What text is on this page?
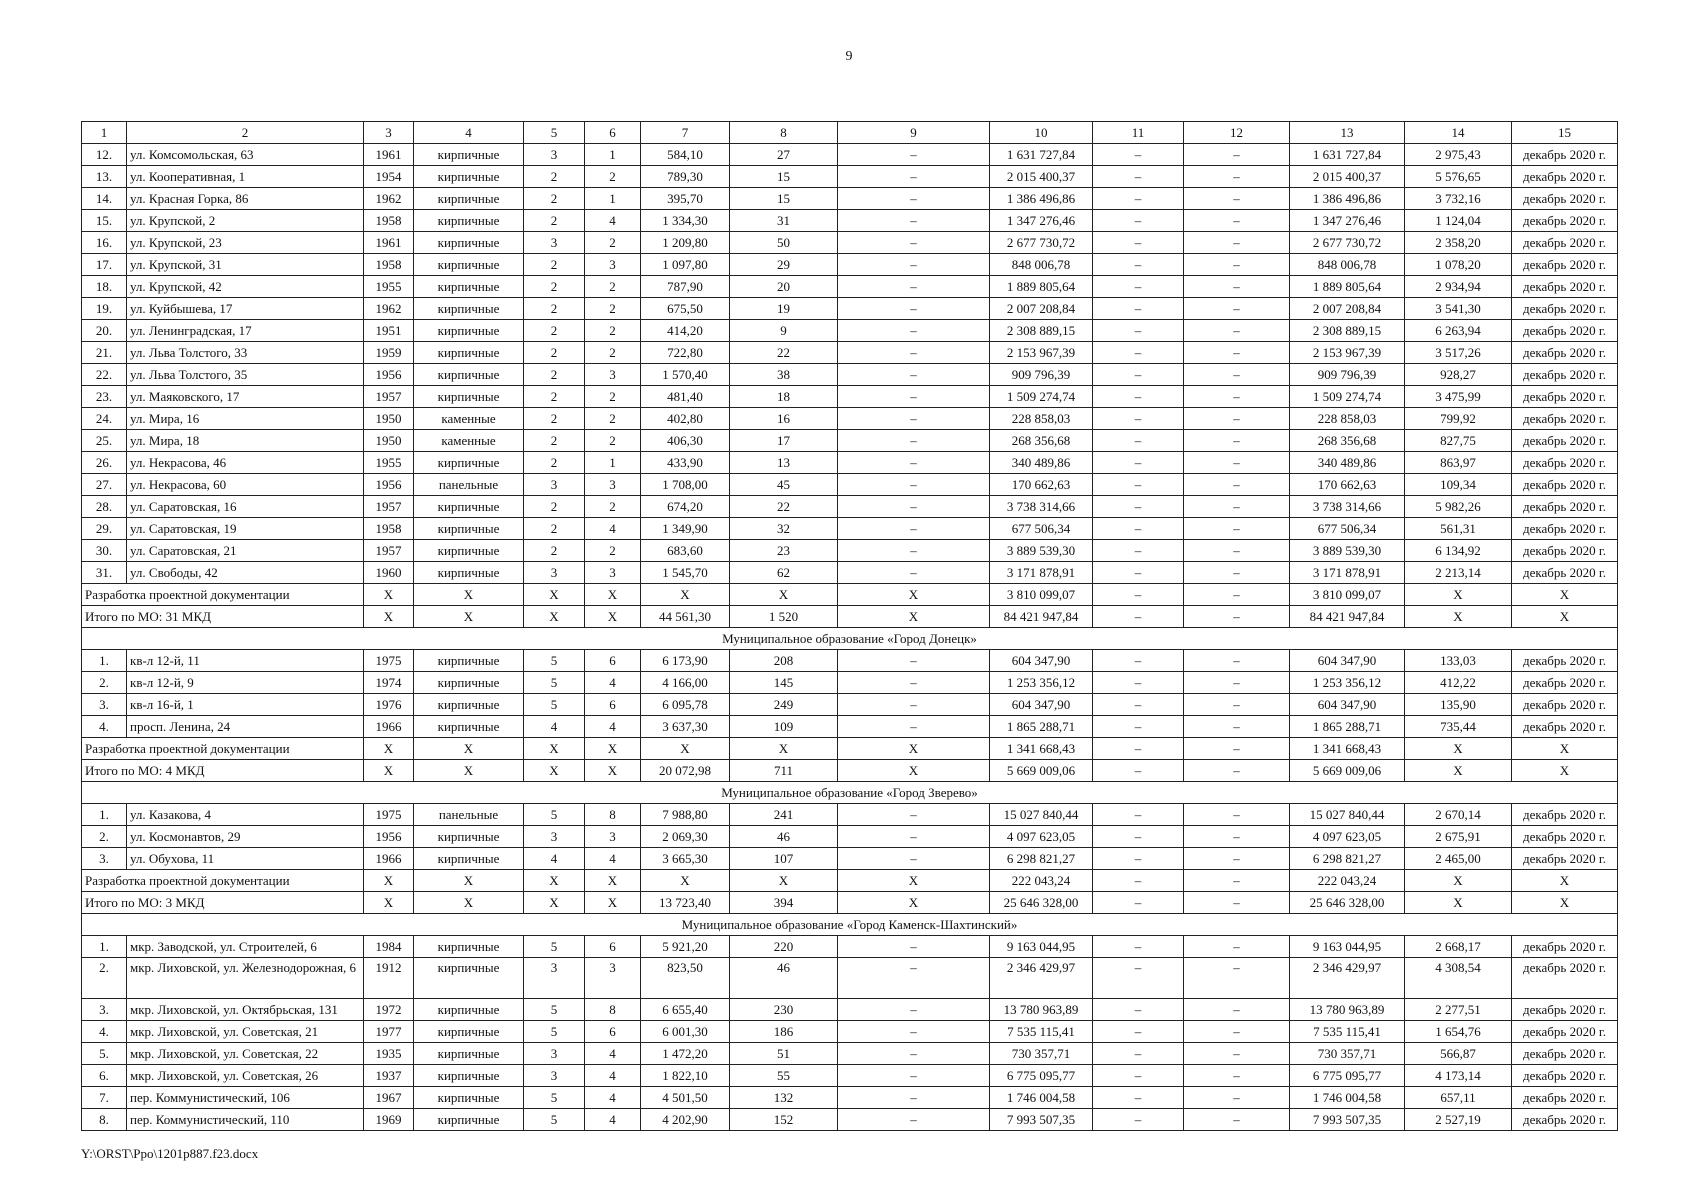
9
1	2	3	4	5	6	7	8	9	10	11	12	13	14	15
12.	ул. Комсомольская, 63	1961	кирпичные	3	1	584,10	27	–	1 631 727,84	–	–	1 631 727,84	2 975,43	декабрь 2020 г.
13.	ул. Кооперативная, 1	1954	кирпичные	2	2	789,30	15	–	2 015 400,37	–	–	2 015 400,37	5 576,65	декабрь 2020 г.
14.	ул. Красная Горка, 86	1962	кирпичные	2	1	395,70	15	–	1 386 496,86	–	–	1 386 496,86	3 732,16	декабрь 2020 г.
15.	ул. Крупской, 2	1958	кирпичные	2	4	1 334,30	31	–	1 347 276,46	–	–	1 347 276,46	1 124,04	декабрь 2020 г.
16.	ул. Крупской, 23	1961	кирпичные	3	2	1 209,80	50	–	2 677 730,72	–	–	2 677 730,72	2 358,20	декабрь 2020 г.
17.	ул. Крупской, 31	1958	кирпичные	2	3	1 097,80	29	–	848 006,78	–	–	848 006,78	1 078,20	декабрь 2020 г.
18.	ул. Крупской, 42	1955	кирпичные	2	2	787,90	20	–	1 889 805,64	–	–	1 889 805,64	2 934,94	декабрь 2020 г.
19.	ул. Куйбышева, 17	1962	кирпичные	2	2	675,50	19	–	2 007 208,84	–	–	2 007 208,84	3 541,30	декабрь 2020 г.
20.	ул. Ленинградская, 17	1951	кирпичные	2	2	414,20	9	–	2 308 889,15	–	–	2 308 889,15	6 263,94	декабрь 2020 г.
21.	ул. Льва Толстого, 33	1959	кирпичные	2	2	722,80	22	–	2 153 967,39	–	–	2 153 967,39	3 517,26	декабрь 2020 г.
22.	ул. Льва Толстого, 35	1956	кирпичные	2	3	1 570,40	38	–	909 796,39	–	–	909 796,39	928,27	декабрь 2020 г.
23.	ул. Маяковского, 17	1957	кирпичные	2	2	481,40	18	–	1 509 274,74	–	–	1 509 274,74	3 475,99	декабрь 2020 г.
24.	ул. Мира, 16	1950	каменные	2	2	402,80	16	–	228 858,03	–	–	228 858,03	799,92	декабрь 2020 г.
25.	ул. Мира, 18	1950	каменные	2	2	406,30	17	–	268 356,68	–	–	268 356,68	827,75	декабрь 2020 г.
26.	ул. Некрасова, 46	1955	кирпичные	2	1	433,90	13	–	340 489,86	–	–	340 489,86	863,97	декабрь 2020 г.
27.	ул. Некрасова, 60	1956	панельные	3	3	1 708,00	45	–	170 662,63	–	–	170 662,63	109,34	декабрь 2020 г.
28.	ул. Саратовская, 16	1957	кирпичные	2	2	674,20	22	–	3 738 314,66	–	–	3 738 314,66	5 982,26	декабрь 2020 г.
29.	ул. Саратовская, 19	1958	кирпичные	2	4	1 349,90	32	–	677 506,34	–	–	677 506,34	561,31	декабрь 2020 г.
30.	ул. Саратовская, 21	1957	кирпичные	2	2	683,60	23	–	3 889 539,30	–	–	3 889 539,30	6 134,92	декабрь 2020 г.
31.	ул. Свободы, 42	1960	кирпичные	3	3	1 545,70	62	–	3 171 878,91	–	–	3 171 878,91	2 213,14	декабрь 2020 г.
Разработка проектной документации		Х	Х	Х	Х	Х	Х	Х	3 810 099,07	–	–	3 810 099,07	Х	Х
Итого по МО: 31 МКД		Х	Х	Х	Х	44 561,30	1 520	Х	84 421 947,84	–	–	84 421 947,84	Х	Х
Муниципальное образование «Город Донецк»														
1.	кв-л 12-й, 11	1975	кирпичные	5	6	6 173,90	208	–	604 347,90	–	–	604 347,90	133,03	декабрь 2020 г.
2.	кв-л 12-й, 9	1974	кирпичные	5	4	4 166,00	145	–	1 253 356,12	–	–	1 253 356,12	412,22	декабрь 2020 г.
3.	кв-л 16-й, 1	1976	кирпичные	5	6	6 095,78	249	–	604 347,90	–	–	604 347,90	135,90	декабрь 2020 г.
4.	просп. Ленина, 24	1966	кирпичные	4	4	3 637,30	109	–	1 865 288,71	–	–	1 865 288,71	735,44	декабрь 2020 г.
Разработка проектной документации		Х	Х	Х	Х	Х	Х	Х	1 341 668,43	–	–	1 341 668,43	Х	Х
Итого по МО: 4 МКД		Х	Х	Х	Х	20 072,98	711	Х	5 669 009,06	–	–	5 669 009,06	Х	Х
Муниципальное образование «Город Зверево»														
1.	ул. Казакова, 4	1975	панельные	5	8	7 988,80	241	–	15 027 840,44	–	–	15 027 840,44	2 670,14	декабрь 2020 г.
2.	ул. Космонавтов, 29	1956	кирпичные	3	3	2 069,30	46	–	4 097 623,05	–	–	4 097 623,05	2 675,91	декабрь 2020 г.
3.	ул. Обухова, 11	1966	кирпичные	4	4	3 665,30	107	–	6 298 821,27	–	–	6 298 821,27	2 465,00	декабрь 2020 г.
Разработка проектной документации		Х	Х	Х	Х	Х	Х	Х	222 043,24	–	–	222 043,24	Х	Х
Итого по МО: 3 МКД		Х	Х	Х	Х	13 723,40	394	Х	25 646 328,00	–	–	25 646 328,00	Х	Х
Муниципальное образование «Город Каменск-Шахтинский»														
1.	мкр. Заводской, ул. Строителей, 6	1984	кирпичные	5	6	5 921,20	220	–	9 163 044,95	–	–	9 163 044,95	2 668,17	декабрь 2020 г.
2.	мкр. Лиховской, ул. Железнодорожная, 6	1912	кирпичные	3	3	823,50	46	–	2 346 429,97	–	–	2 346 429,97	4 308,54	декабрь 2020 г.
3.	мкр. Лиховской, ул. Октябрьская, 131	1972	кирпичные	5	8	6 655,40	230	–	13 780 963,89	–	–	13 780 963,89	2 277,51	декабрь 2020 г.
4.	мкр. Лиховской, ул. Советская, 21	1977	кирпичные	5	6	6 001,30	186	–	7 535 115,41	–	–	7 535 115,41	1 654,76	декабрь 2020 г.
5.	мкр. Лиховской, ул. Советская, 22	1935	кирпичные	3	4	1 472,20	51	–	730 357,71	–	–	730 357,71	566,87	декабрь 2020 г.
6.	мкр. Лиховской, ул. Советская, 26	1937	кирпичные	3	4	1 822,10	55	–	6 775 095,77	–	–	6 775 095,77	4 173,14	декабрь 2020 г.
7.	пер. Коммунистический, 106	1967	кирпичные	5	4	4 501,50	132	–	1 746 004,58	–	–	1 746 004,58	657,11	декабрь 2020 г.
8.	пер. Коммунистический, 110	1969	кирпичные	5	4	4 202,90	152	–	7 993 507,35	–	–	7 993 507,35	2 527,19	декабрь 2020 г.
Y:\ORST\Ppo\1201p887.f23.docx
